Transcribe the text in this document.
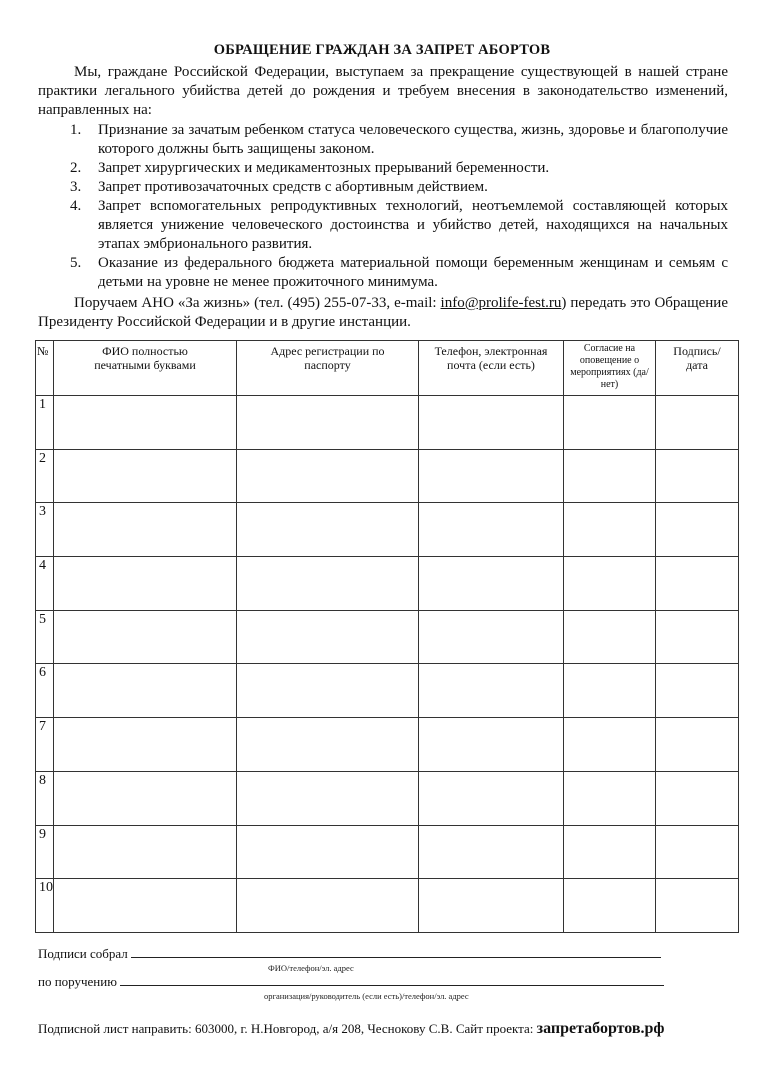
ОБРАЩЕНИЕ ГРАЖДАН ЗА ЗАПРЕТ АБОРТОВ

Мы, граждане Российской Федерации, выступаем за прекращение существующей в нашей стране практики легального убийства детей до рождения и требуем внесения в законодательство изменений, направленных на:

1. Признание за зачатым ребенком статуса человеческого существа, жизнь, здоровье и благополучие которого должны быть защищены законом.
2. Запрет хирургических и медикаментозных прерываний беременности.
3. Запрет противозачаточных средств с абортивным действием.
4. Запрет вспомогательных репродуктивных технологий, неотъемлемой составляющей которых является унижение человеческого достоинства и убийство детей, находящихся на начальных этапах эмбрионального развития.
5. Оказание из федерального бюджета материальной помощи беременным женщинам и семьям с детьми на уровне не менее прожиточного минимума.

Поручаем АНО «За жизнь» (тел. (495) 255-07-33, e-mail: info@prolife-fest.ru) передать это Обращение Президенту Российской Федерации и в другие инстанции.

№	ФИО полностью печатными буквами	Адрес регистрации по паспорту	Телефон, электронная почта (если есть)	Согласие на оповещение о мероприятиях (да/нет)	Подпись/ дата
1					
2					
3					
4					
5					
6					
7					
8					
9					
10					
Подписи собрал
ФИО/телефон/эл. адрес
по поручению
организация/руководитель (если есть)/телефон/эл. адрес
Подписной лист направить: 603000, г. Н.Новгород, а/я 208, Чеснокову С.В. Сайт проекта: запретабортов.рф
